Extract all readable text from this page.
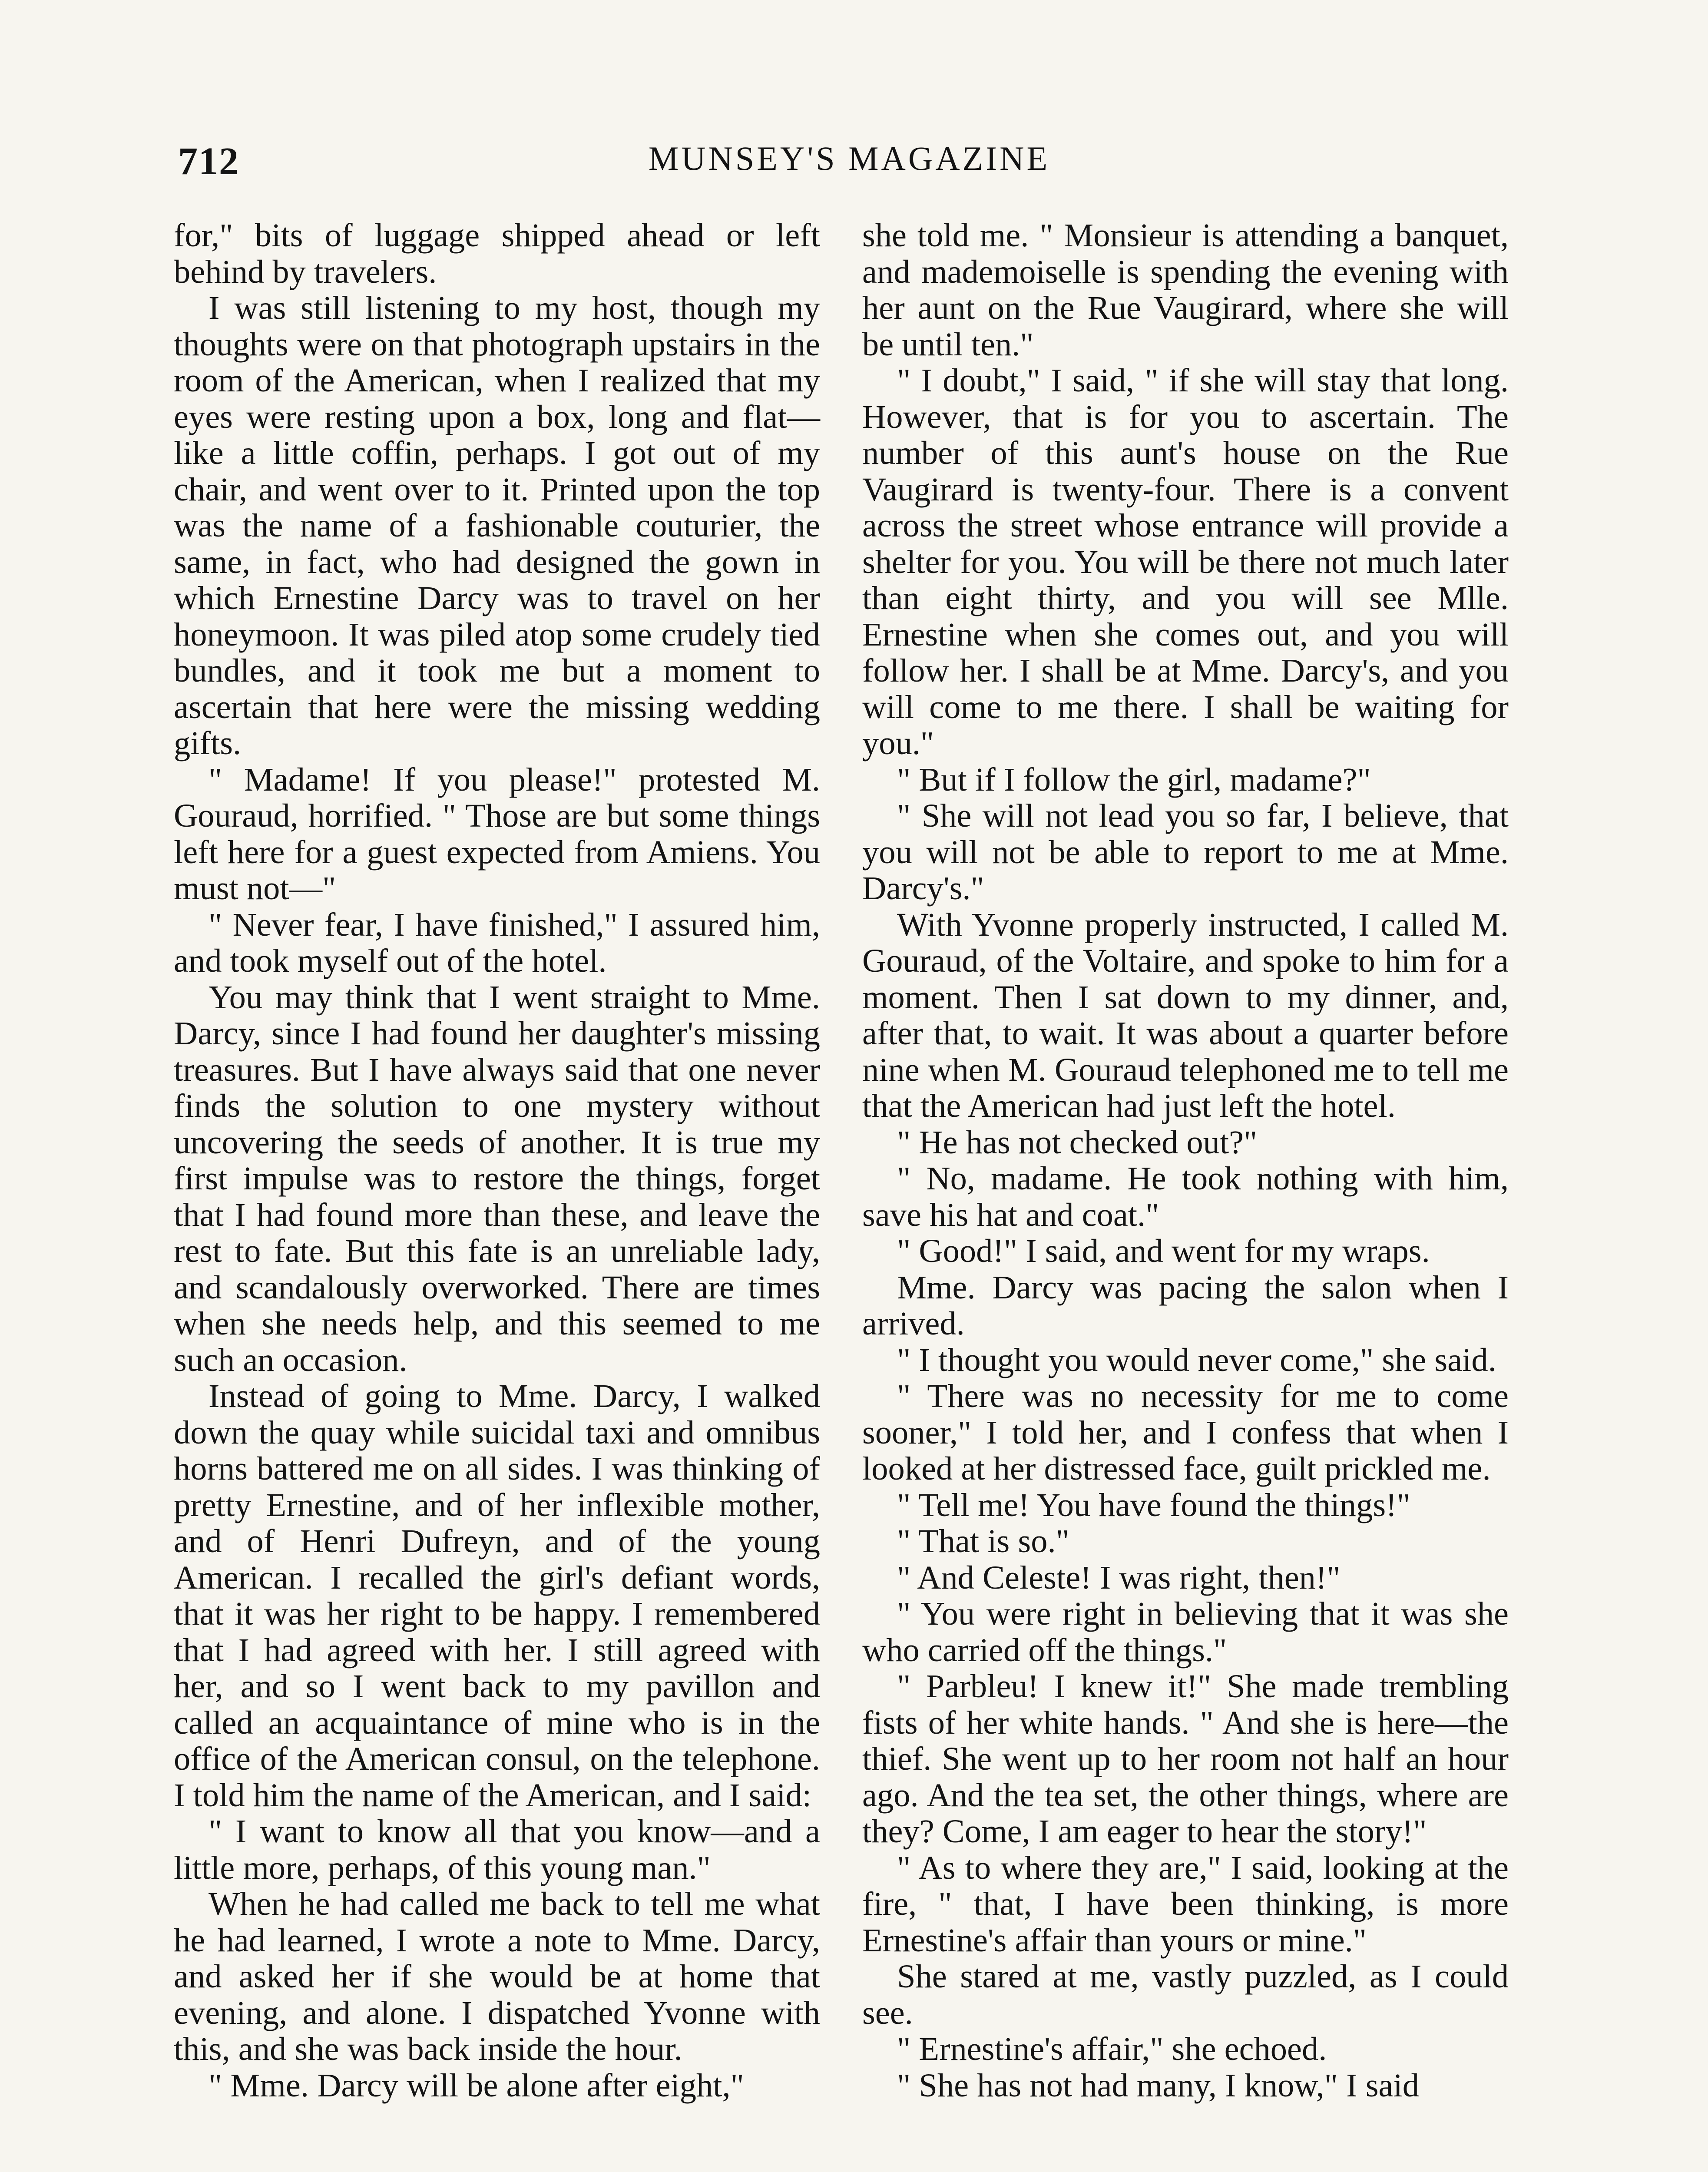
712	MUNSEY'S MAGAZINE

for," bits of luggage shipped ahead or left behind by travelers.

I was still listening to my host, though my thoughts were on that photograph upstairs in the room of the American, when I realized that my eyes were resting upon a box, long and flat—like a little coffin, perhaps. I got out of my chair, and went over to it. Printed upon the top was the name of a fashionable couturier, the same, in fact, who had designed the gown in which Ernestine Darcy was to travel on her honeymoon. It was piled atop some crudely tied bundles, and it took me but a moment to ascertain that here were the missing wedding gifts.

" Madame! If you please!" protested M. Gouraud, horrified. " Those are but some things left here for a guest expected from Amiens. You must not—"

" Never fear, I have finished," I assured him, and took myself out of the hotel.

You may think that I went straight to Mme. Darcy, since I had found her daughter's missing treasures. But I have always said that one never finds the solution to one mystery without uncovering the seeds of another. It is true my first impulse was to restore the things, forget that I had found more than these, and leave the rest to fate. But this fate is an unreliable lady, and scandalously overworked. There are times when she needs help, and this seemed to me such an occasion.

Instead of going to Mme. Darcy, I walked down the quay while suicidal taxi and omnibus horns battered me on all sides. I was thinking of pretty Ernestine, and of her inflexible mother, and of Henri Dufreyn, and of the young American. I recalled the girl's defiant words, that it was her right to be happy. I remembered that I had agreed with her. I still agreed with her, and so I went back to my pavillon and called an acquaintance of mine who is in the office of the American consul, on the telephone. I told him the name of the American, and I said:

" I want to know all that you know—and a little more, perhaps, of this young man."

When he had called me back to tell me what he had learned, I wrote a note to Mme. Darcy, and asked her if she would be at home that evening, and alone. I dispatched Yvonne with this, and she was back inside the hour.

" Mme. Darcy will be alone after eight,"

she told me. " Monsieur is attending a banquet, and mademoiselle is spending the evening with her aunt on the Rue Vaugirard, where she will be until ten."

" I doubt," I said, " if she will stay that long. However, that is for you to ascertain. The number of this aunt's house on the Rue Vaugirard is twenty-four. There is a convent across the street whose entrance will provide a shelter for you. You will be there not much later than eight thirty, and you will see Mlle. Ernestine when she comes out, and you will follow her. I shall be at Mme. Darcy's, and you will come to me there. I shall be waiting for you."

" But if I follow the girl, madame?"

" She will not lead you so far, I believe, that you will not be able to report to me at Mme. Darcy's."

With Yvonne properly instructed, I called M. Gouraud, of the Voltaire, and spoke to him for a moment. Then I sat down to my dinner, and, after that, to wait. It was about a quarter before nine when M. Gouraud telephoned me to tell me that the American had just left the hotel.

" He has not checked out?"

" No, madame. He took nothing with him, save his hat and coat."

" Good!" I said, and went for my wraps.

Mme. Darcy was pacing the salon when I arrived.

" I thought you would never come," she said.

" There was no necessity for me to come sooner," I told her, and I confess that when I looked at her distressed face, guilt prickled me.

" Tell me! You have found the things!"

" That is so."

" And Celeste! I was right, then!"

" You were right in believing that it was she who carried off the things."

" Parbleu! I knew it!" She made trembling fists of her white hands. " And she is here—the thief. She went up to her room not half an hour ago. And the tea set, the other things, where are they? Come, I am eager to hear the story!"

" As to where they are," I said, looking at the fire, " that, I have been thinking, is more Ernestine's affair than yours or mine."

She stared at me, vastly puzzled, as I could see.

" Ernestine's affair," she echoed.

" She has not had many, I know," I said
